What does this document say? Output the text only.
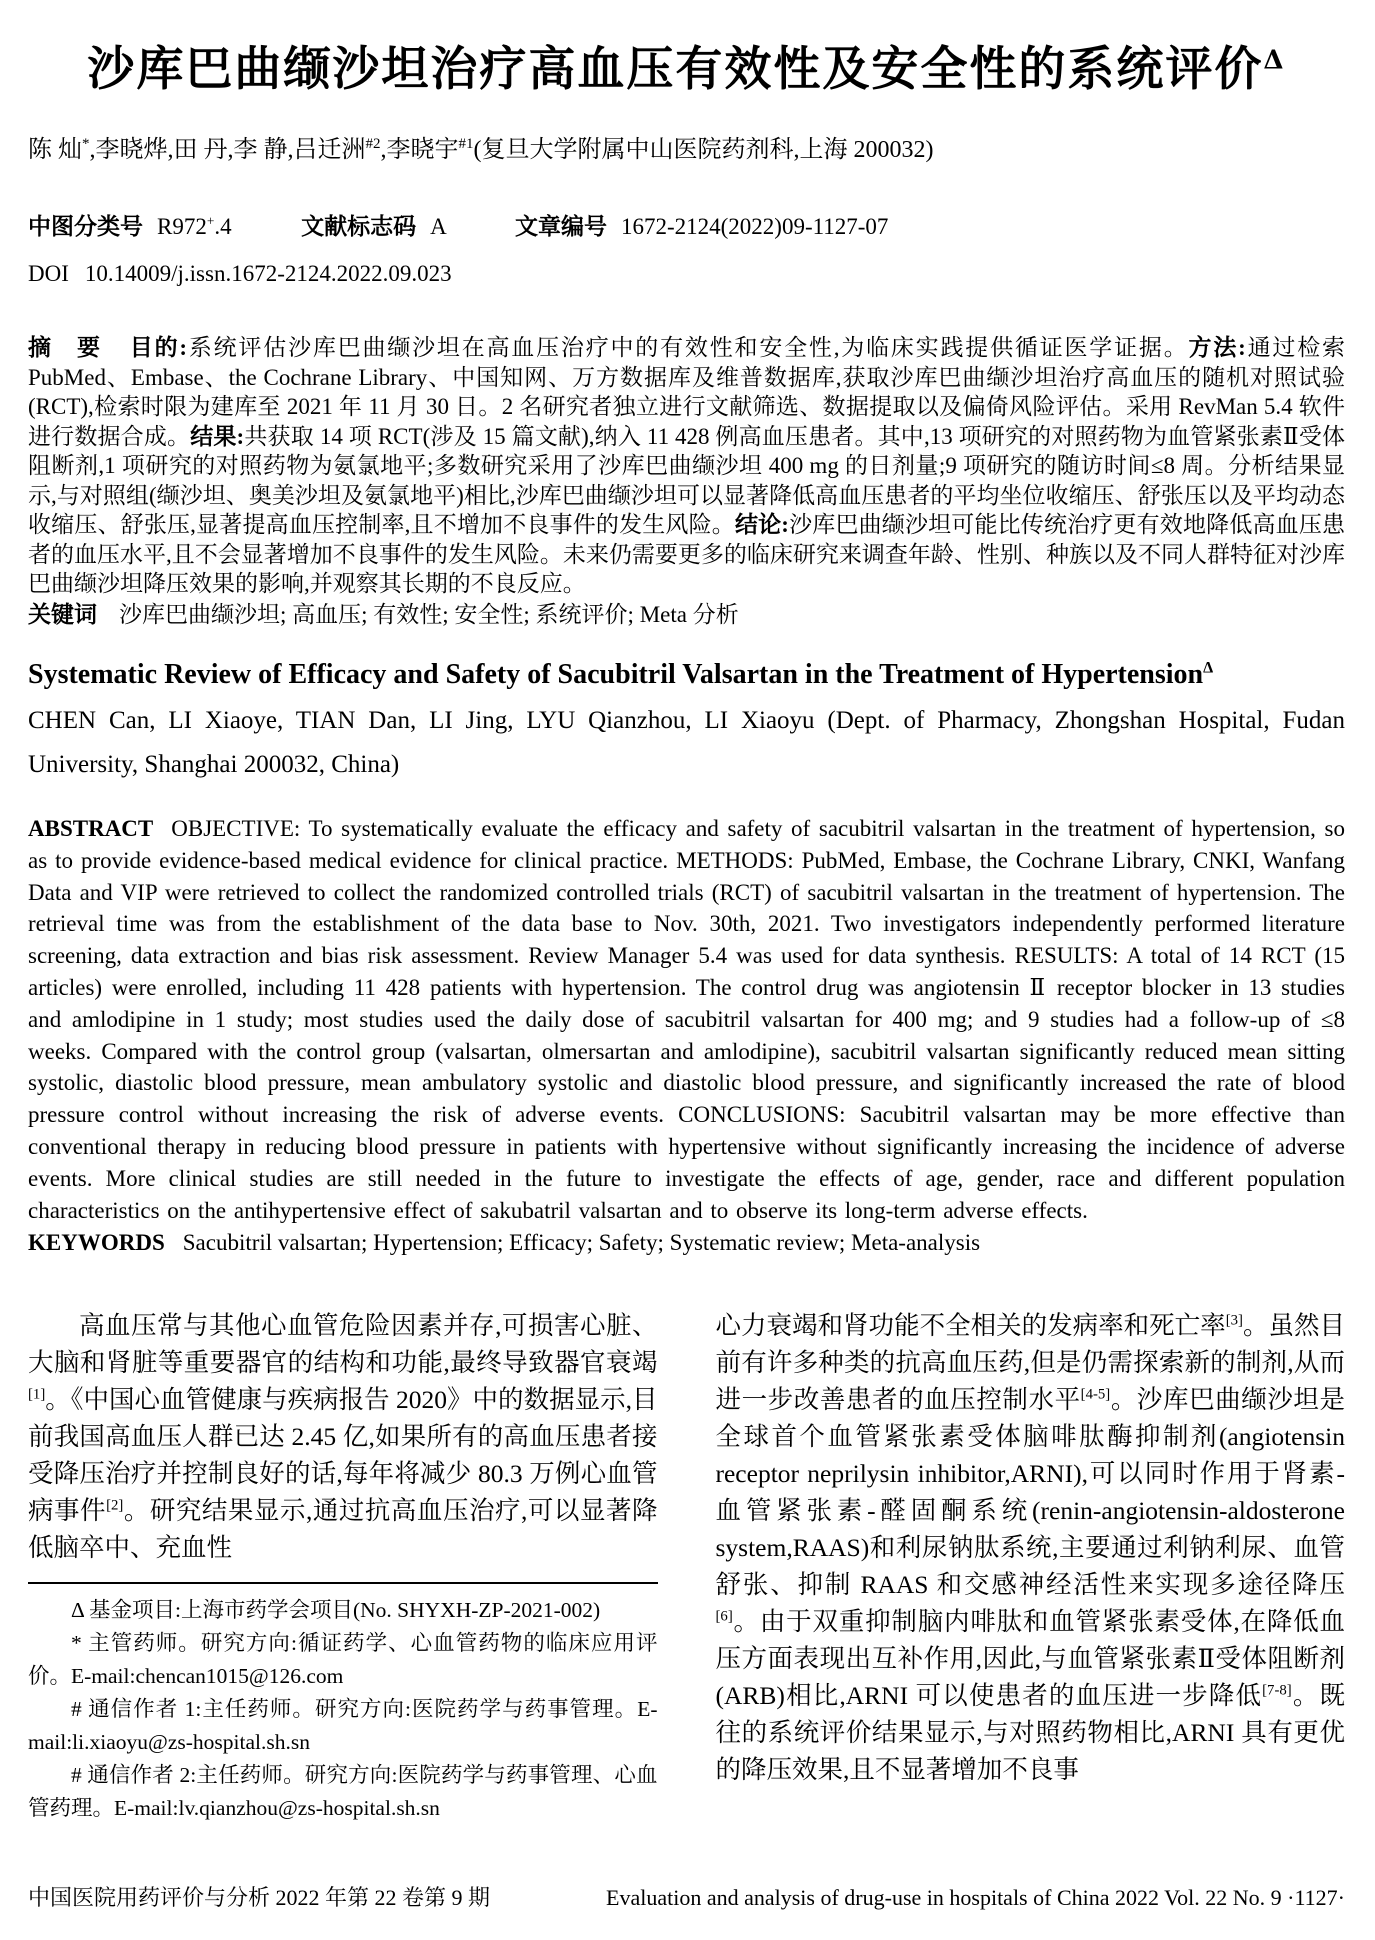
沙库巴曲缬沙坦治疗高血压有效性及安全性的系统评价$^\Delta$

陈 灿*,李晓烨,田 丹,李 静,吕迁洲$^{\#2}$,李晓宇$^{\#1}$(复旦大学附属中山医院药剂科,上海 200032)

中图分类号 R972+.4	文献标志码 A	文章编号 1672-2124(2022)09-1127-07

DOI 10.14009/j.issn.1672-2124.2022.09.023

摘 要 目的:系统评估沙库巴曲缬沙坦在高血压治疗中的有效性和安全性,为临床实践提供循证医学证据。方法:通过检索 PubMed、Embase、the Cochrane Library、中国知网、万方数据库及维普数据库,获取沙库巴曲缬沙坦治疗高血压的随机对照试验(RCT),检索时限为建库至 2021 年 11 月 30 日。2 名研究者独立进行文献筛选、数据提取以及偏倚风险评估。采用 RevMan 5.4 软件进行数据合成。结果:共获取 14 项 RCT(涉及 15 篇文献),纳入 11 428 例高血压患者。其中,13 项研究的对照药物为血管紧张素Ⅱ受体阻断剂,1 项研究的对照药物为氨氯地平;多数研究采用了沙库巴曲缬沙坦 400 mg 的日剂量;9 项研究的随访时间≤8 周。分析结果显示,与对照组(缬沙坦、奥美沙坦及氨氯地平)相比,沙库巴曲缬沙坦可以显著降低高血压患者的平均坐位收缩压、舒张压以及平均动态收缩压、舒张压,显著提高血压控制率,且不增加不良事件的发生风险。结论:沙库巴曲缬沙坦可能比传统治疗更有效地降低高血压患者的血压水平,且不会显著增加不良事件的发生风险。未来仍需要更多的临床研究来调查年龄、性别、种族以及不同人群特征对沙库巴曲缬沙坦降压效果的影响,并观察其长期的不良反应。

关键词 沙库巴曲缬沙坦; 高血压; 有效性; 安全性; 系统评价; Meta 分析

Systematic Review of Efficacy and Safety of Sacubitril Valsartan in the Treatment of Hypertension$^\Delta$

CHEN Can, LI Xiaoye, TIAN Dan, LI Jing, LYU Qianzhou, LI Xiaoyu (Dept. of Pharmacy, Zhongshan Hospital, Fudan University, Shanghai 200032, China)

ABSTRACT OBJECTIVE: To systematically evaluate the efficacy and safety of sacubitril valsartan in the treatment of hypertension, so as to provide evidence-based medical evidence for clinical practice. METHODS: PubMed, Embase, the Cochrane Library, CNKI, Wanfang Data and VIP were retrieved to collect the randomized controlled trials (RCT) of sacubitril valsartan in the treatment of hypertension. The retrieval time was from the establishment of the data base to Nov. 30th, 2021. Two investigators independently performed literature screening, data extraction and bias risk assessment. Review Manager 5.4 was used for data synthesis. RESULTS: A total of 14 RCT (15 articles) were enrolled, including 11 428 patients with hypertension. The control drug was angiotensin Ⅱ receptor blocker in 13 studies and amlodipine in 1 study; most studies used the daily dose of sacubitril valsartan for 400 mg; and 9 studies had a follow-up of ≤8 weeks. Compared with the control group (valsartan, olmersartan and amlodipine), sacubitril valsartan significantly reduced mean sitting systolic, diastolic blood pressure, mean ambulatory systolic and diastolic blood pressure, and significantly increased the rate of blood pressure control without increasing the risk of adverse events. CONCLUSIONS: Sacubitril valsartan may be more effective than conventional therapy in reducing blood pressure in patients with hypertensive without significantly increasing the incidence of adverse events. More clinical studies are still needed in the future to investigate the effects of age, gender, race and different population characteristics on the antihypertensive effect of sakubatril valsartan and to observe its long-term adverse effects.

KEYWORDS Sacubitril valsartan; Hypertension; Efficacy; Safety; Systematic review; Meta-analysis

高血压常与其他心血管危险因素并存,可损害心脏、大脑和肾脏等重要器官的结构和功能,最终导致器官衰竭[1]。《中国心血管健康与疾病报告 2020》中的数据显示,目前我国高血压人群已达 2.45 亿,如果所有的高血压患者接受降压治疗并控制良好的话,每年将减少 80.3 万例心血管病事件[2]。研究结果显示,通过抗高血压治疗,可以显著降低脑卒中、充血性

Δ 基金项目:上海市药学会项目(No. SHYXH-ZP-2021-002)

* 主管药师。研究方向:循证药学、心血管药物的临床应用评价。E-mail:chencan1015@126.com

# 通信作者 1:主任药师。研究方向:医院药学与药事管理。E-mail:li.xiaoyu@zs-hospital.sh.sn

# 通信作者 2:主任药师。研究方向:医院药学与药事管理、心血管药理。E-mail:lv.qianzhou@zs-hospital.sh.sn

心力衰竭和肾功能不全相关的发病率和死亡率[3]。虽然目前有许多种类的抗高血压药,但是仍需探索新的制剂,从而进一步改善患者的血压控制水平[4-5]。沙库巴曲缬沙坦是全球首个血管紧张素受体脑啡肽酶抑制剂(angiotensin receptor neprilysin inhibitor,ARNI),可以同时作用于肾素-血管紧张素-醛固酮系统(renin-angiotensin-aldosterone system,RAAS)和利尿钠肽系统,主要通过利钠利尿、血管舒张、抑制 RAAS 和交感神经活性来实现多途径降压[6]。由于双重抑制脑内啡肽和血管紧张素受体,在降低血压方面表现出互补作用,因此,与血管紧张素Ⅱ受体阻断剂(ARB)相比,ARNI 可以使患者的血压进一步降低[7-8]。既往的系统评价结果显示,与对照药物相比,ARNI 具有更优的降压效果,且不显著增加不良事

中国医院用药评价与分析 2022 年第 22 卷第 9 期	Evaluation and analysis of drug-use in hospitals of China 2022 Vol. 22 No. 9 ·1127·
